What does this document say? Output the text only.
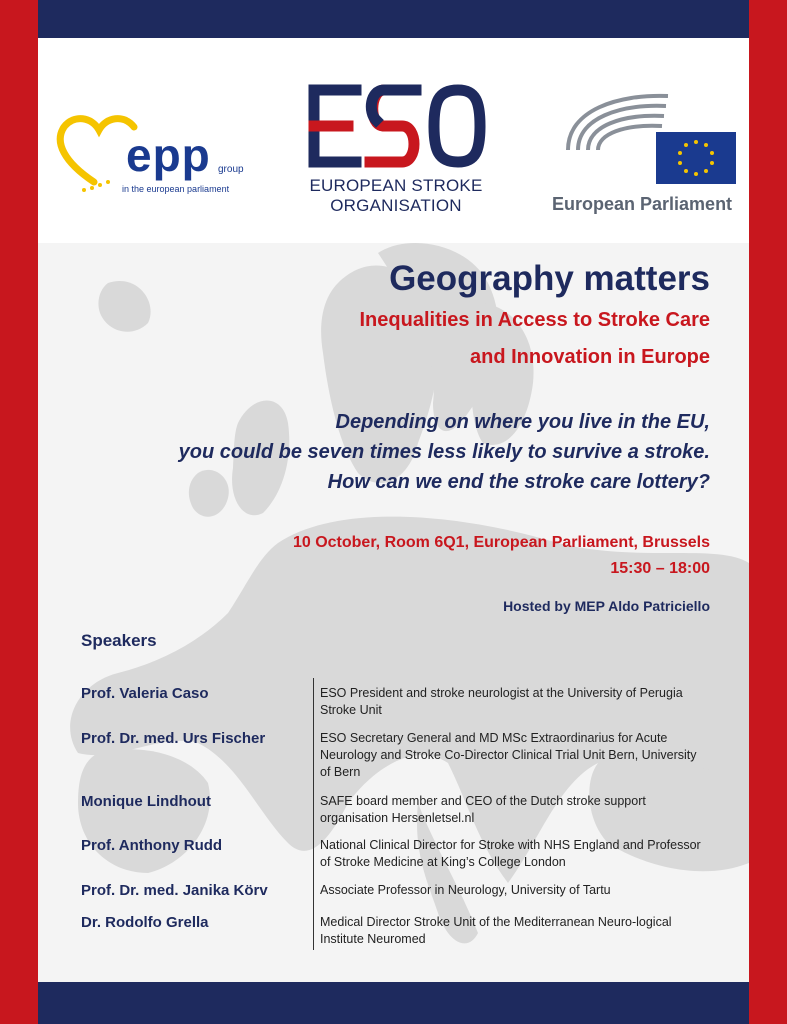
epp group
in the european parliament	EUROPEAN STROKE
ORGANISATION	European Parliament
Geography matters
Inequalities in Access to Stroke Care
and Innovation in Europe
Depending on where you live in the EU,
you could be seven times less likely to survive a stroke.
How can we end the stroke care lottery?
10 October, Room 6Q1, European Parliament, Brussels
15:30 – 18:00
Hosted by MEP Aldo Patriciello
Speakers
Prof. Valeria Caso	ESO President and stroke neurologist at the University of Perugia Stroke Unit
Prof. Dr. med. Urs Fischer	ESO Secretary General and MD MSc Extraordinarius for Acute Neurology and Stroke Co-Director Clinical Trial Unit Bern, University of Bern
Monique Lindhout	SAFE board member and CEO of the Dutch stroke support organisation Hersenletsel.nl
Prof. Anthony Rudd	National Clinical Director for Stroke with NHS England and Professor of Stroke Medicine at King’s College London
Prof. Dr. med. Janika Körv	Associate Professor in Neurology, University of Tartu
Dr. Rodolfo Grella	Medical Director Stroke Unit of the Mediterranean Neuro-logical Institute Neuromed
